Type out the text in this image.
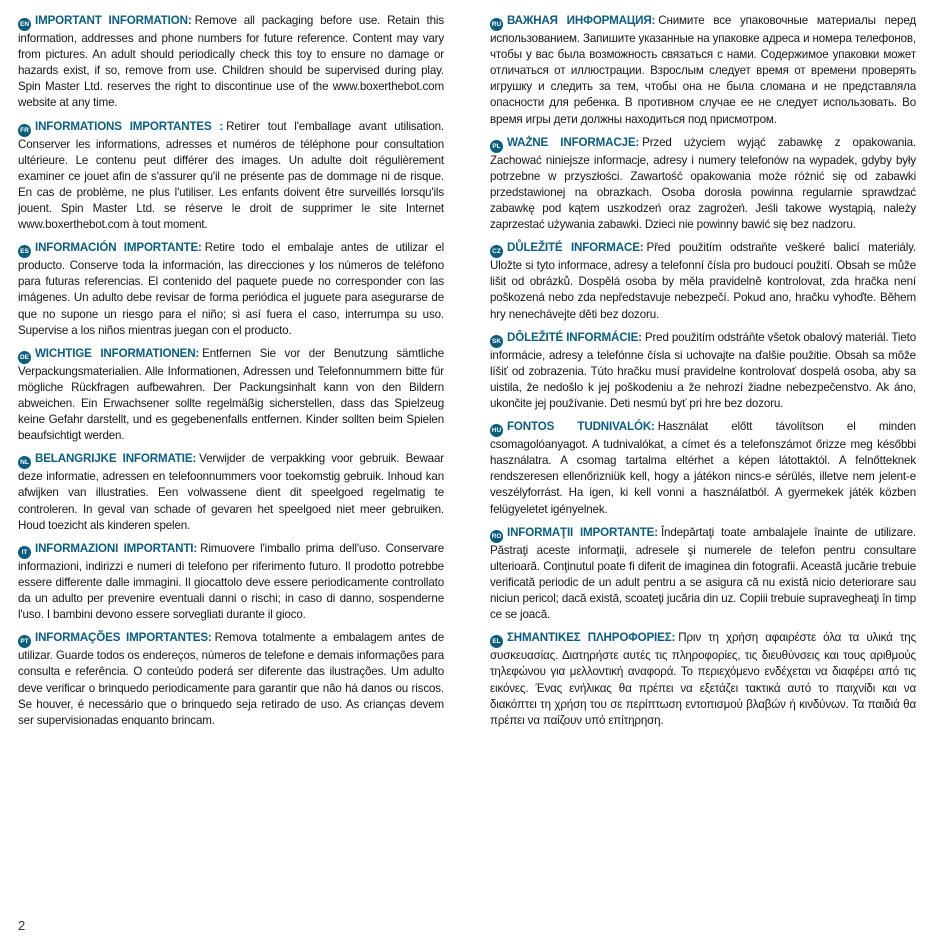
EN IMPORTANT INFORMATION: Remove all packaging before use. Retain this information, addresses and phone numbers for future reference. Content may vary from pictures. An adult should periodically check this toy to ensure no damage or hazards exist, if so, remove from use. Children should be supervised during play. Spin Master Ltd. reserves the right to discontinue use of the www.boxerthebot.com website at any time.
FR INFORMATIONS IMPORTANTES : Retirer tout l'emballage avant utilisation. Conserver les informations, adresses et numéros de téléphone pour consultation ultérieure. Le contenu peut différer des images. Un adulte doit régulièrement examiner ce jouet afin de s'assurer qu'il ne présente pas de dommage ni de risque. En cas de problème, ne plus l'utiliser. Les enfants doivent être surveillés lorsqu'ils jouent. Spin Master Ltd. se réserve le droit de supprimer le site Internet www.boxerthebot.com à tout moment.
ES INFORMACIÓN IMPORTANTE: Retire todo el embalaje antes de utilizar el producto. Conserve toda la información, las direcciones y los números de teléfono para futuras referencias. El contenido del paquete puede no corresponder con las imágenes. Un adulto debe revisar de forma periódica el juguete para asegurarse de que no supone un riesgo para el niño; si así fuera el caso, interrumpa su uso. Supervise a los niños mientras juegan con el producto.
DE WICHTIGE INFORMATIONEN: Entfernen Sie vor der Benutzung sämtliche Verpackungsmaterialien. Alle Informationen, Adressen und Telefonnummern bitte für mögliche Rückfragen aufbewahren. Der Packungsinhalt kann von den Bildern abweichen. Ein Erwachsener sollte regelmäßig sicherstellen, dass das Spielzeug keine Gefahr darstellt, und es gegebenenfalls entfernen. Kinder sollten beim Spielen beaufsichtigt werden.
NL BELANGRIJKE INFORMATIE: Verwijder de verpakking voor gebruik. Bewaar deze informatie, adressen en telefoonnummers voor toekomstig gebruik. Inhoud kan afwijken van illustraties. Een volwassene dient dit speelgoed regelmatig te controleren. In geval van schade of gevaren het speelgoed niet meer gebruiken. Houd toezicht als kinderen spelen.
IT INFORMAZIONI IMPORTANTI: Rimuovere l'imballo prima dell'uso. Conservare informazioni, indirizzi e numeri di telefono per riferimento futuro. Il prodotto potrebbe essere differente dalle immagini. Il giocattolo deve essere periodicamente controllato da un adulto per prevenire eventuali danni o rischi; in caso di danno, sospenderne l'uso. I bambini devono essere sorvegliati durante il gioco.
PT INFORMAÇÕES IMPORTANTES: Remova totalmente a embalagem antes de utilizar. Guarde todos os endereços, números de telefone e demais informações para consulta e referência. O conteúdo poderá ser diferente das ilustrações. Um adulto deve verificar o brinquedo periodicamente para garantir que não há danos ou riscos. Se houver, é necessário que o brinquedo seja retirado de uso. As crianças devem ser supervisionadas enquanto brincam.
RU ВАЖНАЯ ИНФОРМАЦИЯ: Снимите все упаковочные материалы перед использованием. Запишите указанные на упаковке адреса и номера телефонов, чтобы у вас была возможность связаться с нами. Содержимое упаковки может отличаться от иллюстрации. Взрослым следует время от времени проверять игрушку и следить за тем, чтобы она не была сломана и не представляла опасности для ребенка. В противном случае ее не следует использовать. Во время игры дети должны находиться под присмотром.
PL WAŻNE INFORMACJE: Przed użyciem wyjąć zabawkę z opakowania. Zachować niniejsze informacje, adresy i numery telefonów na wypadek, gdyby były potrzebne w przyszłości. Zawartość opakowania może różnić się od zabawki przedstawionej na obrazkach. Osoba dorosła powinna regularnie sprawdzać zabawkę pod kątem uszkodzeń oraz zagrożeń. Jeśli takowe wystąpią, należy zaprzestać używania zabawki. Dzieci nie powinny bawić się bez nadzoru.
CZ DŮLEŽITÉ INFORMACE: Před použitím odstraňte veškeré balicí materiály. Uložte si tyto informace, adresy a telefonní čísla pro budoucí použití. Obsah se může lišit od obrázků. Dospělá osoba by měla pravidelně kontrolovat, zda hračka není poškozená nebo zda nepředstavuje nebezpečí. Pokud ano, hračku vyhoďte. Během hry nenechávejte děti bez dozoru.
SK DÔLEŽITÉ INFORMÁCIE: Pred použitím odstráňte všetok obalový materiál. Tieto informácie, adresy a telefónne čísla si uchovajte na ďalšie použitie. Obsah sa môže líšiť od zobrazenia. Túto hračku musí pravidelne kontrolovať dospelá osoba, aby sa uistila, že nedošlo k jej poškodeniu a že nehrozí žiadne nebezpečenstvo. Ak áno, ukončite jej používanie. Deti nesmú byť pri hre bez dozoru.
HU FONTOS TUDNIVALÓK: Használat előtt távolítson el minden csomagolóanyagot. A tudnivalókat, a címet és a telefonszámot őrizze meg későbbi használatra. A csomag tartalma eltérhet a képen látottaktól. A felnőtteknek rendszeresen ellenőrizniük kell, hogy a játékon nincs-e sérülés, illetve nem jelent-e veszélyforrást. Ha igen, ki kell vonni a használatból. A gyermekek játék közben felügyeletet igényelnek.
RO INFORMAŢII IMPORTANTE: Îndepărtaţi toate ambalajele înainte de utilizare. Păstraţi aceste informaţii, adresele şi numerele de telefon pentru consultare ulterioară. Conţinutul poate fi diferit de imaginea din fotografii. Această jucărie trebuie verificată periodic de un adult pentru a se asigura că nu există nicio deteriorare sau niciun pericol; dacă există, scoateţi jucăria din uz. Copiii trebuie supravegheaţi în timp ce se joacă.
EL ΣΗΜΑΝΤΙΚΕΣ ΠΛΗΡΟΦΟΡΙΕΣ: Πριν τη χρήση αφαιρέστε όλα τα υλικά της συσκευασίας. Διατηρήστε αυτές τις πληροφορίες, τις διευθύνσεις και τους αριθμούς τηλεφώνου για μελλοντική αναφορά. Το περιεχόμενο ενδέχεται να διαφέρει από τις εικόνες. Ένας ενήλικας θα πρέπει να εξετάζει τακτικά αυτό το παιχνίδι και να διακόπτει τη χρήση του σε περίπτωση εντοπισμού βλαβών ή κινδύνων. Τα παιδιά θα πρέπει να παίζουν υπό επίτηρηση.
2
